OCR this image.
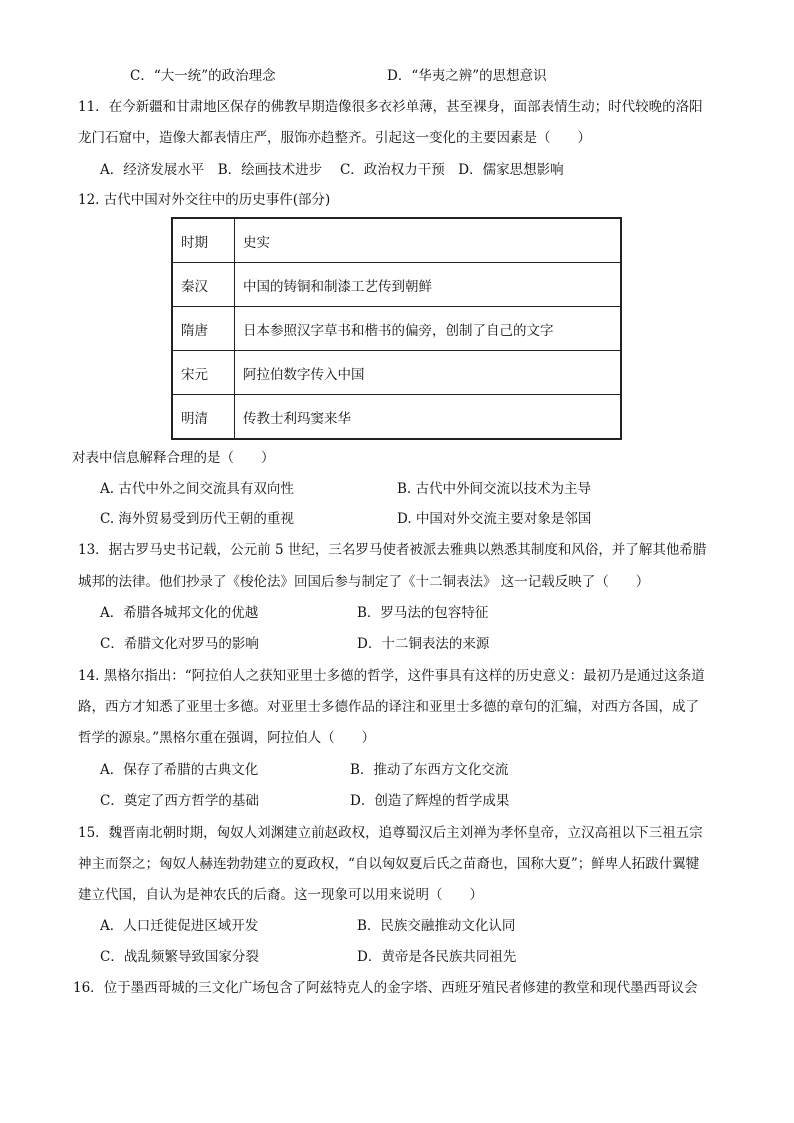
C．“大一统”的政治理念	D．“华夷之辨”的思想意识
11．在今新疆和甘肃地区保存的佛教早期造像很多衣衫单薄，甚至裸身，面部表情生动；时代较晚的洛阳
龙门石窟中，造像大都表情庄严，服饰亦趋整齐。引起这一变化的主要因素是（　　）
A．经济发展水平　B．绘画技术进步　 C．政治权力干预　D．儒家思想影响
12. 古代中国对外交往中的历史事件(部分)
时期	史实
秦汉	中国的铸铜和制漆工艺传到朝鲜
隋唐	日本参照汉字草书和楷书的偏旁，创制了自己的文字
宋元	阿拉伯数字传入中国
明清	传教士利玛窦来华
对表中信息解释合理的是（　　）
A. 古代中外之间交流具有双向性	B. 古代中外间交流以技术为主导
C. 海外贸易受到历代王朝的重视	D. 中国对外交流主要对象是邻国
13．据古罗马史书记载，公元前 5 世纪，三名罗马使者被派去雅典以熟悉其制度和风俗，并了解其他希腊
城邦的法律。他们抄录了《梭伦法》回国后参与制定了《十二铜表法》 这一记载反映了（　　）
A．希腊各城邦文化的优越	B．罗马法的包容特征
C．希腊文化对罗马的影响	D．十二铜表法的来源
14. 黑格尔指出：“阿拉伯人之获知亚里士多德的哲学，这件事具有这样的历史意义：最初乃是通过这条道
路，西方才知悉了亚里士多德。对亚里士多德作品的译注和亚里士多德的章句的汇编，对西方各国，成了
哲学的源泉。”黑格尔重在强调，阿拉伯人（　　）
A．保存了希腊的古典文化	B．推动了东西方文化交流
C．奠定了西方哲学的基础	D．创造了辉煌的哲学成果
15．魏晋南北朝时期，匈奴人刘渊建立前赵政权，追尊蜀汉后主刘禅为孝怀皇帝，立汉高祖以下三祖五宗
神主而祭之；匈奴人赫连勃勃建立的夏政权，“自以匈奴夏后氏之苗裔也，国称大夏”；鲜卑人拓跋什翼犍
建立代国，自认为是神农氏的后裔。这一现象可以用来说明（　　）
A．人口迁徙促进区域开发	B．民族交融推动文化认同
C．战乱频繁导致国家分裂	D．黄帝是各民族共同祖先
16．位于墨西哥城的三文化广场包含了阿兹特克人的金字塔、西班牙殖民者修建的教堂和现代墨西哥议会
